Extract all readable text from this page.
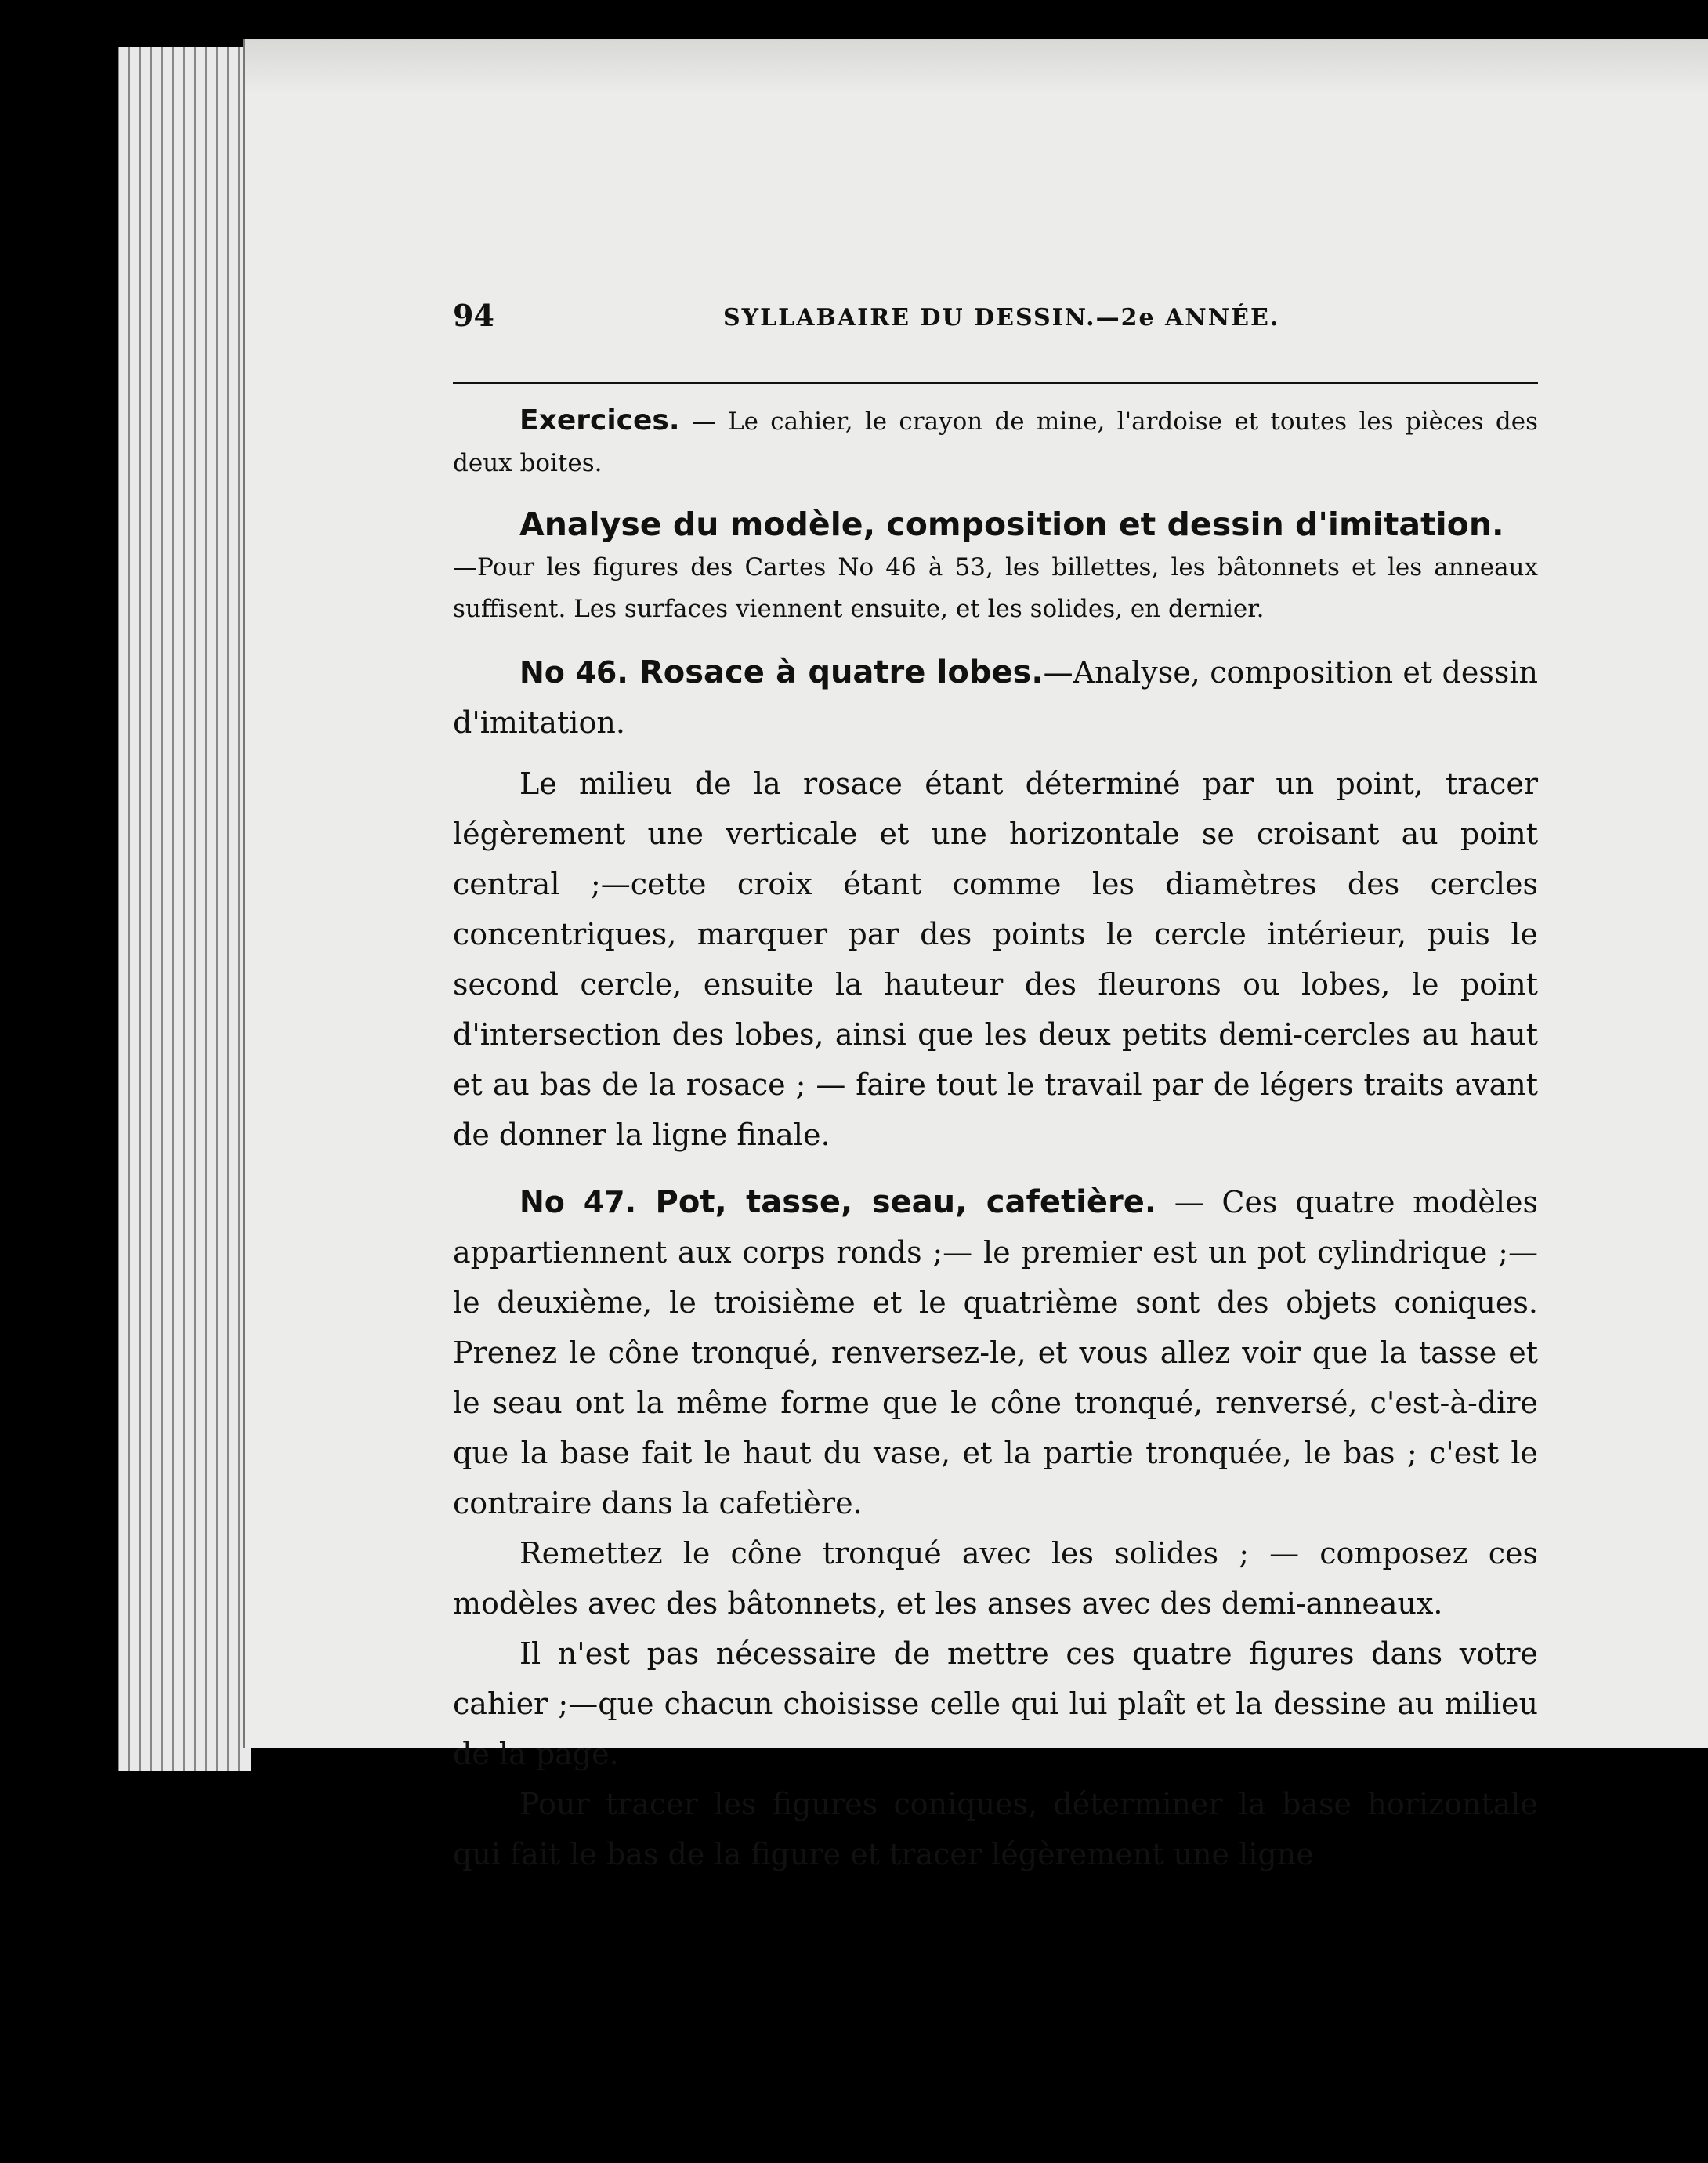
94	SYLLABAIRE DU DESSIN.—2e ANNÉE.

Exercices. — Le cahier, le crayon de mine, l'ardoise et toutes les pièces des deux boites.

Analyse du modèle, composition et dessin d'imitation.

—Pour les figures des Cartes No 46 à 53, les billettes, les bâtonnets et les anneaux suffisent. Les surfaces viennent ensuite, et les solides, en dernier.

No 46. Rosace à quatre lobes.—Analyse, composition et dessin d'imitation.

Le milieu de la rosace étant déterminé par un point, tracer légèrement une verticale et une horizontale se croisant au point central ;—cette croix étant comme les diamètres des cercles concentriques, marquer par des points le cercle intérieur, puis le second cercle, ensuite la hauteur des fleurons ou lobes, le point d'intersection des lobes, ainsi que les deux petits demi-cercles au haut et au bas de la rosace ; — faire tout le travail par de légers traits avant de donner la ligne finale.

No 47. Pot, tasse, seau, cafetière. — Ces quatre modèles appartiennent aux corps ronds ;— le premier est un pot cylindrique ;—le deuxième, le troisième et le quatrième sont des objets coniques. Prenez le cône tronqué, renversez-le, et vous allez voir que la tasse et le seau ont la même forme que le cône tronqué, renversé, c'est-à-dire que la base fait le haut du vase, et la partie tronquée, le bas ; c'est le contraire dans la cafetière.

Remettez le cône tronqué avec les solides ; — composez ces modèles avec des bâtonnets, et les anses avec des demi-anneaux.

Il n'est pas nécessaire de mettre ces quatre figures dans votre cahier ;—que chacun choisisse celle qui lui plaît et la dessine au milieu de la page.

Pour tracer les figures coniques, déterminer la base horizontale qui fait le bas de la figure et tracer légèrement une ligne
